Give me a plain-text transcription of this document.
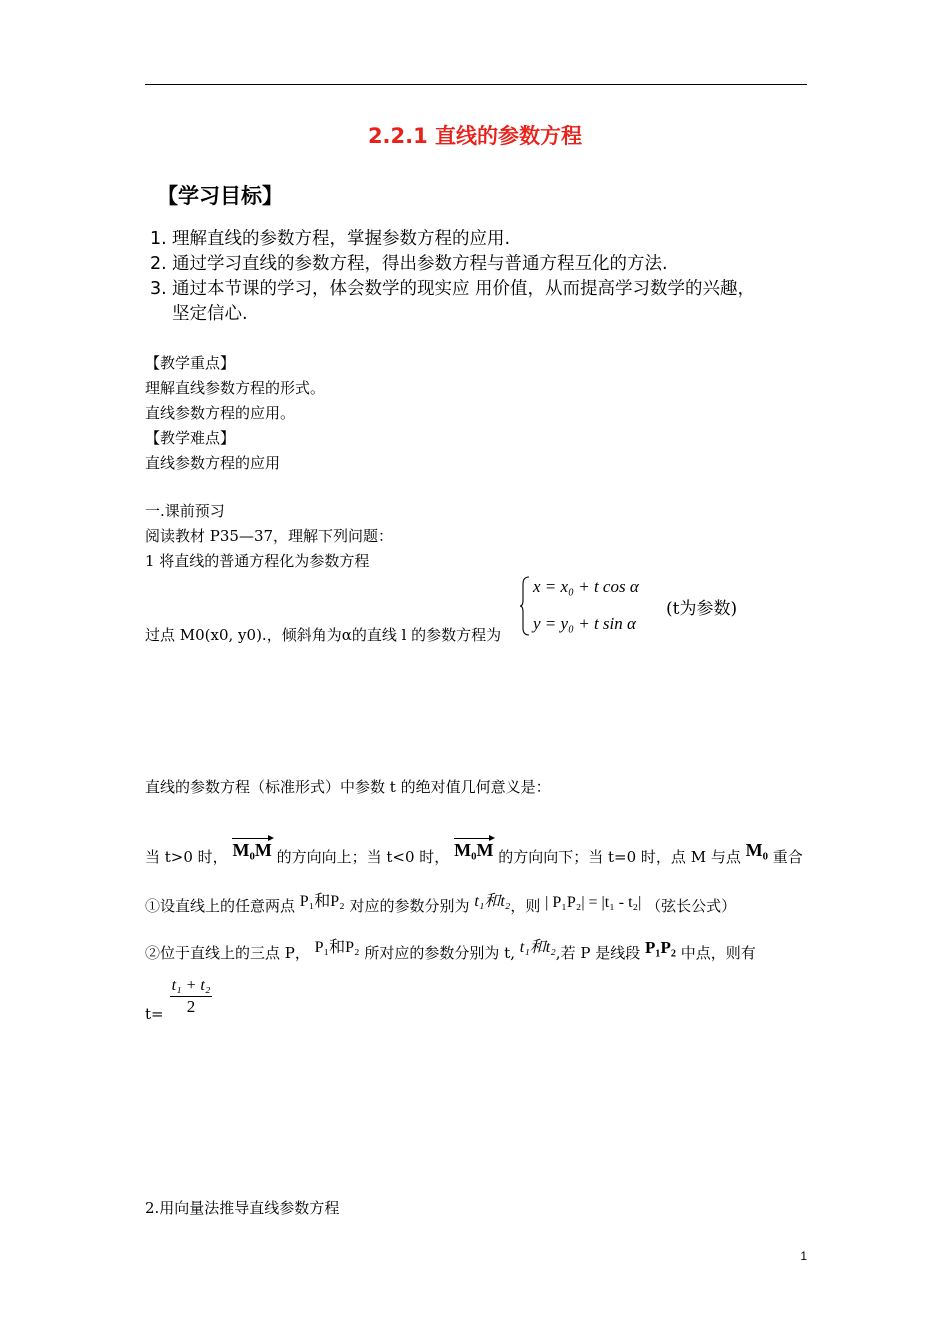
2.2.1 直线的参数方程
【学习目标】
1. 理解直线的参数方程，掌握参数方程的应用.
2. 通过学习直线的参数方程，得出参数方程与普通方程互化的方法.
3. 通过本节课的学习，体会数学的现实应 用价值，从而提高学习数学的兴趣，
坚定信心.
【教学重点】
理解直线参数方程的形式。
直线参数方程的应用。
【教学难点】
直线参数方程的应用
一.课前预习
阅读教材 P35—37，理解下列问题：
1 将直线的普通方程化为参数方程
x = x₀ + t cos α
y = y₀ + t sin α
(t为参数)
过点 M0(x0, y0).，倾斜角为α的直线 l 的参数方程为
直线的参数方程（标准形式）中参数 t 的绝对值几何意义是：
当 t>0 时， M₀M 的方向向上；当 t<0 时， M₀M 的方向向下；当 t=0 时，点 M 与点 M₀ 重合
①设直线上的任意两点 P₁和P₂ 对应的参数分别为 t₁和t₂，则 | P₁P₂| = |t₁ - t₂| （弦长公式）
②位于直线上的三点 P， P₁和P₂ 所对应的参数分别为 t, t₁和t₂,若 P 是线段 P₁P₂ 中点，则有
$\frac{\text{t₁ + t₂}}{2}$
t=
2.用向量法推导直线参数方程
1
